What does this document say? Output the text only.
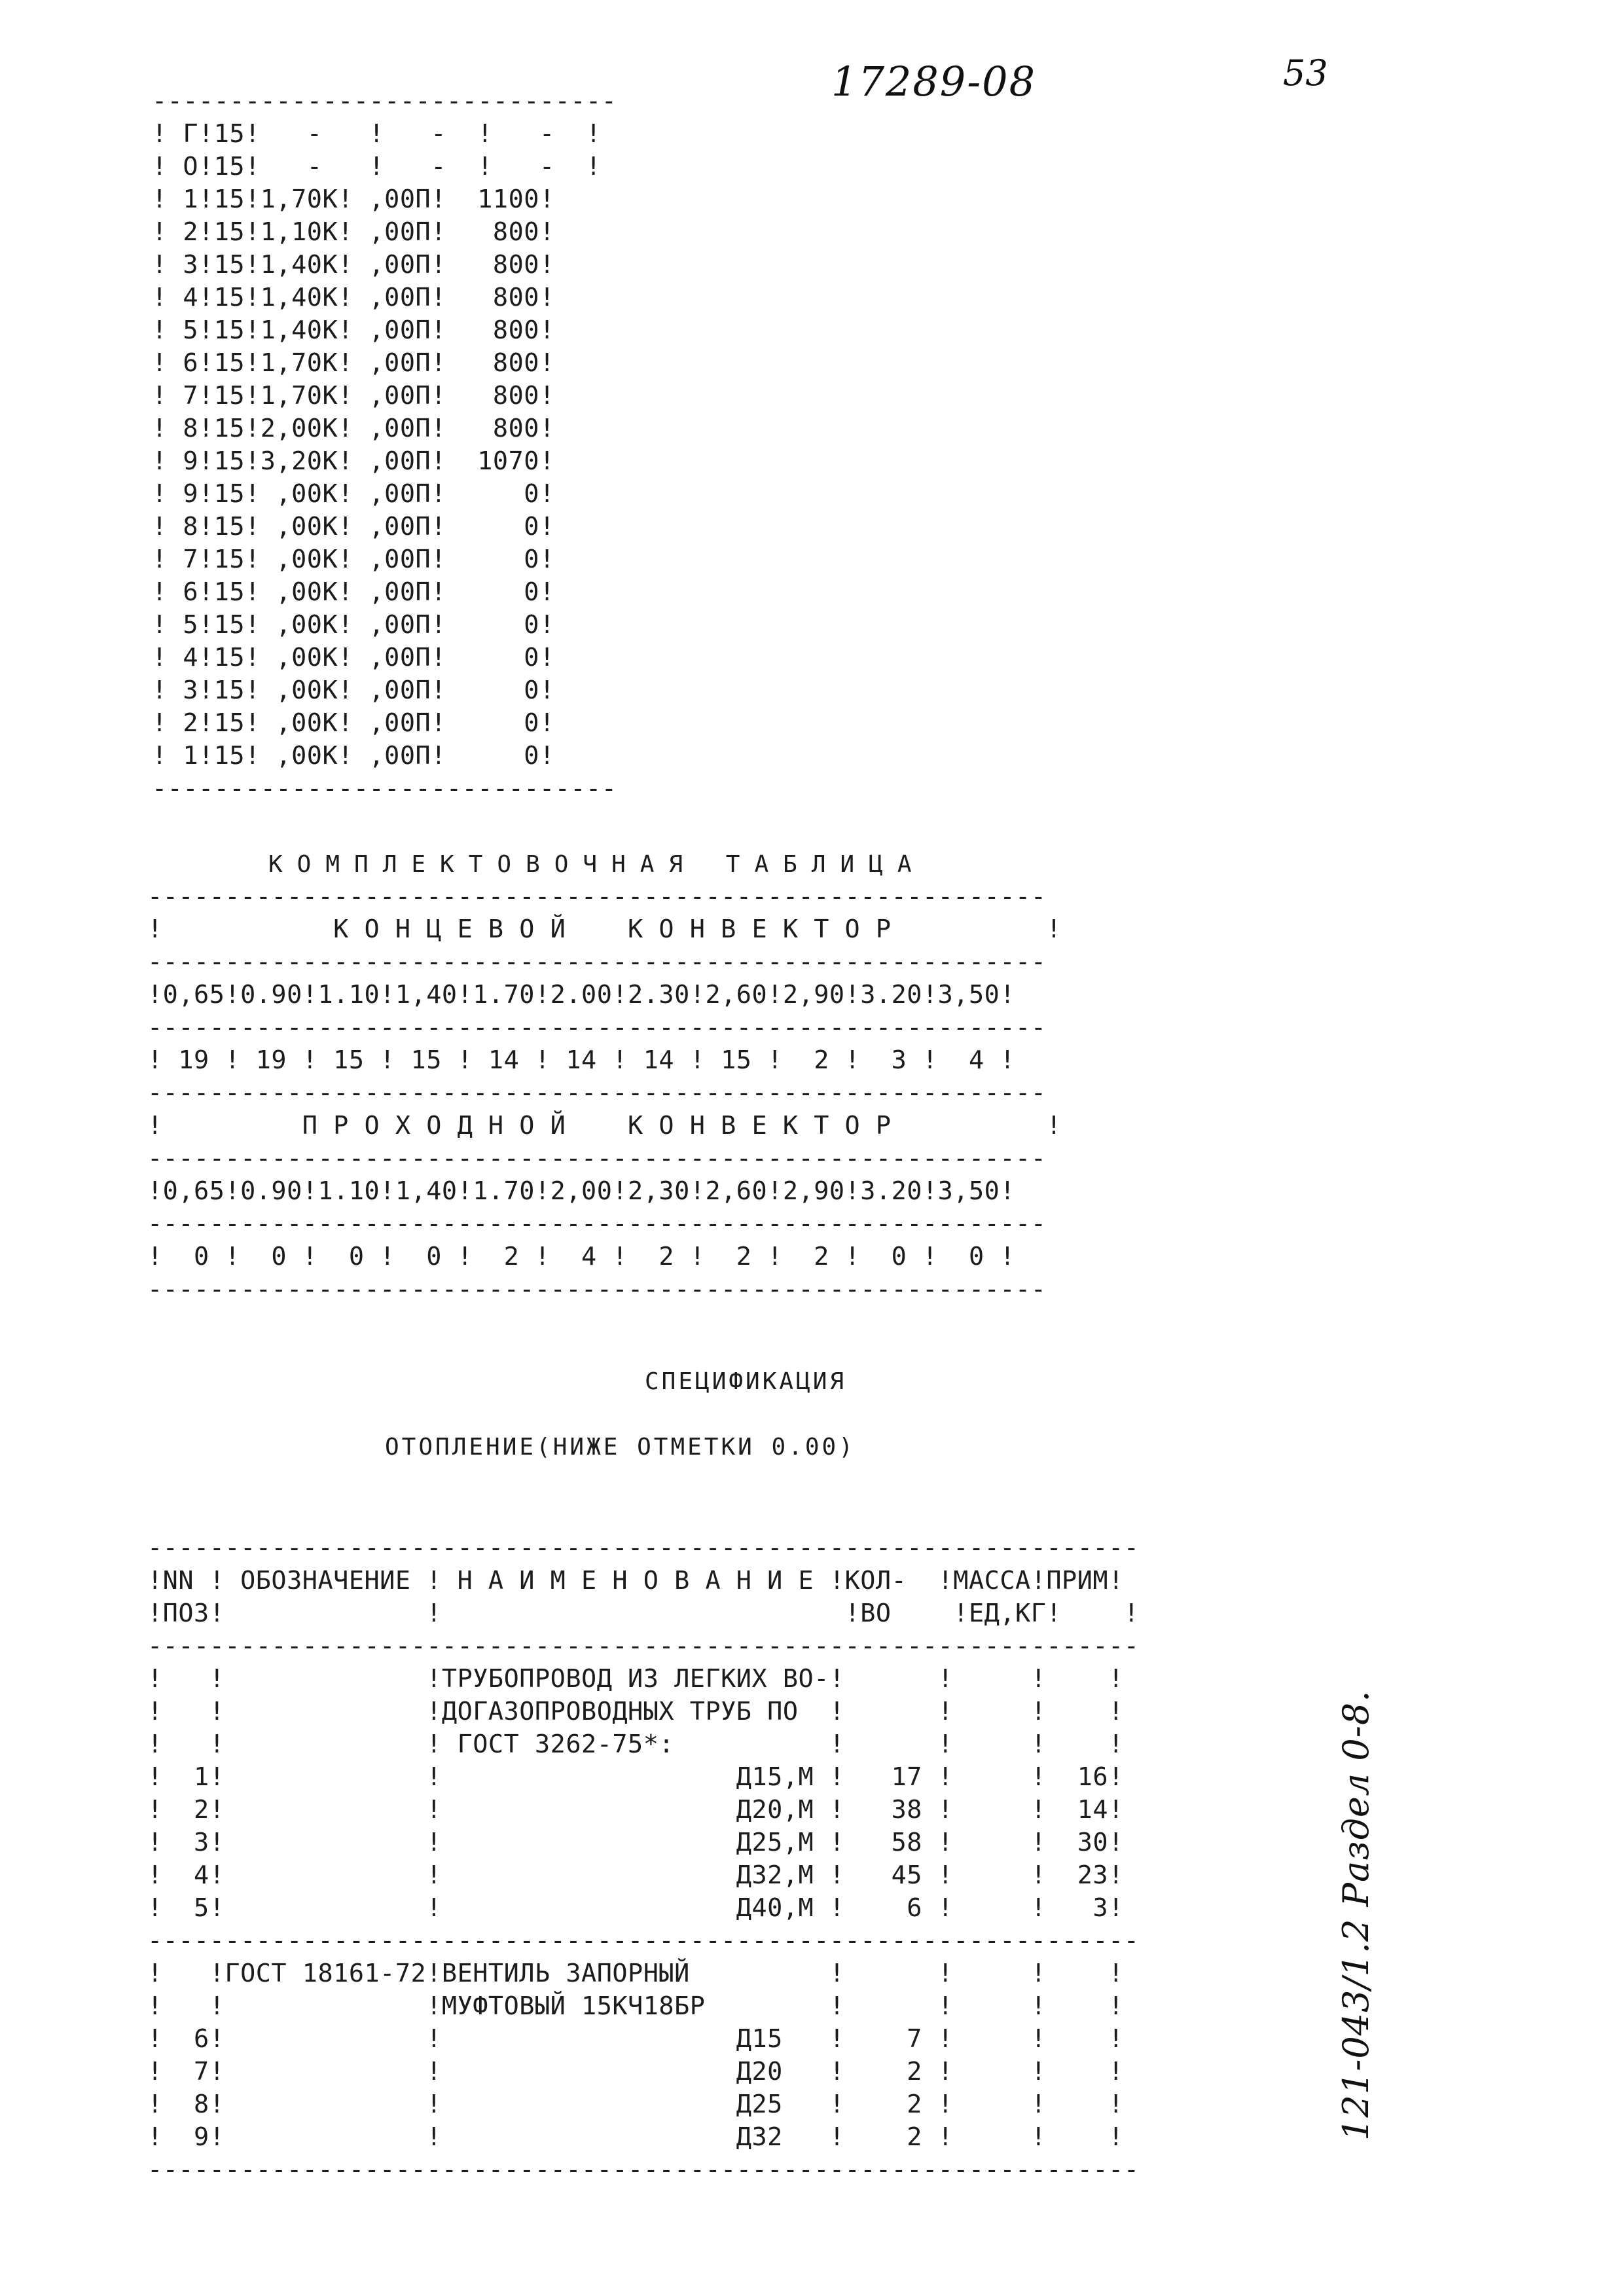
17289-08	53
------------------------------
! Г!15!   -   !   -  !   -  !
! О!15!   -   !   -  !   -  !
! 1!15!1,70К! ,00П!  1100!
! 2!15!1,10К! ,00П!   800!
! 3!15!1,40К! ,00П!   800!
! 4!15!1,40К! ,00П!   800!
! 5!15!1,40К! ,00П!   800!
! 6!15!1,70К! ,00П!   800!
! 7!15!1,70К! ,00П!   800!
! 8!15!2,00К! ,00П!   800!
! 9!15!3,20К! ,00П!  1070!
! 9!15! ,00К! ,00П!     0!
! 8!15! ,00К! ,00П!     0!
! 7!15! ,00К! ,00П!     0!
! 6!15! ,00К! ,00П!     0!
! 5!15! ,00К! ,00П!     0!
! 4!15! ,00К! ,00П!     0!
! 3!15! ,00К! ,00П!     0!
! 2!15! ,00К! ,00П!     0!
! 1!15! ,00К! ,00П!     0!
------------------------------
КОМПЛЕКТОВОЧНАЯ ТАБЛИЦА
----------------------------------------------------------
!           К О Н Ц Е В О Й    К О Н В Е К Т О Р          !
----------------------------------------------------------
!0,65!0.90!1.10!1,40!1.70!2.00!2.30!2,60!2,90!3.20!3,50!
----------------------------------------------------------
! 19 ! 19 ! 15 ! 15 ! 14 ! 14 ! 14 ! 15 !  2 !  3 !  4 !
----------------------------------------------------------
!         П Р О Х О Д Н О Й    К О Н В Е К Т О Р          !
----------------------------------------------------------
!0,65!0.90!1.10!1,40!1.70!2,00!2,30!2,60!2,90!3.20!3,50!
----------------------------------------------------------
!  0 !  0 !  0 !  0 !  2 !  4 !  2 !  2 !  2 !  0 !  0 !
----------------------------------------------------------
СПЕЦИФИКАЦИЯ
ОТОПЛЕНИЕ(НИЖЕ ОТМЕТКИ 0.00)
----------------------------------------------------------------
!NN ! ОБОЗНАЧЕНИЕ ! Н А И М Е Н О В А Н И Е !КОЛ-  !МАССА!ПРИМ!
!ПОЗ!             !                          !ВО    !ЕД,КГ!    !
----------------------------------------------------------------
!   !             !ТРУБОПРОВОД ИЗ ЛЕГКИХ ВО-!      !     !    !
!   !             !ДОГАЗОПРОВОДНЫХ ТРУБ ПО  !      !     !    !
!   !             ! ГОСТ 3262-75*:          !      !     !    !
!  1!             !                   Д15,М !   17 !     !  16!
!  2!             !                   Д20,М !   38 !     !  14!
!  3!             !                   Д25,М !   58 !     !  30!
!  4!             !                   Д32,М !   45 !     !  23!
!  5!             !                   Д40,М !    6 !     !   3!
----------------------------------------------------------------
!   !ГОСТ 18161-72!ВЕНТИЛЬ ЗАПОРНЫЙ         !      !     !    !
!   !             !МУФТОВЫЙ 15КЧ18БР        !      !     !    !
!  6!             !                   Д15   !    7 !     !    !
!  7!             !                   Д20   !    2 !     !    !
!  8!             !                   Д25   !    2 !     !    !
!  9!             !                   Д32   !    2 !     !    !
----------------------------------------------------------------
121-043/1.2 Раздел 0-8.
